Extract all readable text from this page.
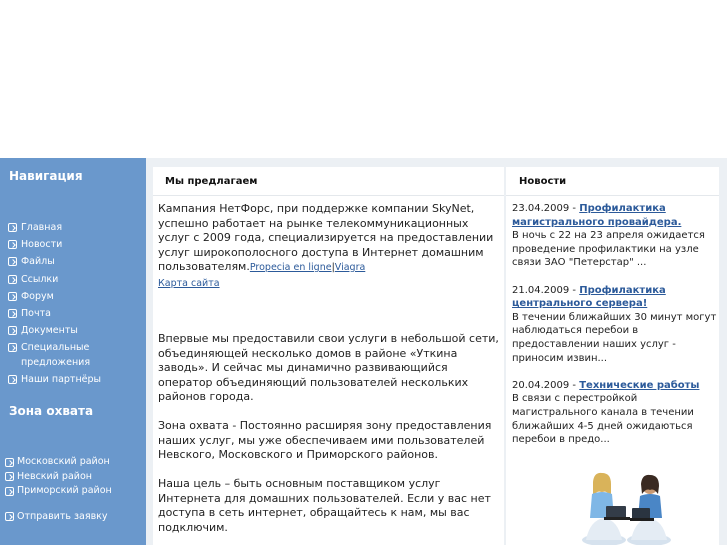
Навигация
Главная
Новости
Файлы
Ссылки
Форум
Почта
Документы
Специальные предложения
Наши партнёры
Зона охвата
Московский район
Невский район
Приморский район
Отправить заявку
Мы предлагаем
Кампания НетФорс, при поддержке компании SkyNet, успешно работает на рынке телекоммуникационных услуг с 2009 года, специализируется на предоставлении услуг широкополосного доступа в Интернет домашним пользователям.Propecia en ligne|Viagra
Карта сайта

Впервые мы предоставили свои услуги в небольшой сети, объединяющей несколько домов в районе «Уткина заводь». И сейчас мы динамично развивающийся оператор объединяющий пользователей нескольких районов города.

Зона охвата - Постоянно расширяя зону предоставления наших услуг, мы уже обеспечиваем ими пользователей Невского, Московского и Приморского районов.

Наша цель – быть основным поставщиком услуг Интернета для домашних пользователей. Если у вас нет доступа в сеть интернет, обращайтесь к нам, мы вас подключим.

Новости
23.04.2009 - Профилактика магистрального провайдера.
В ночь с 22 на 23 апреля ожидается проведение профилактики на узле связи ЗАО "Петерстар" ...
21.04.2009 - Профилактика центрального сервера!
В течении ближайших 30 минут могут наблюдаться перебои в предоставлении наших услуг - приносим извин...
20.04.2009 - Технические работы
В связи с перестройкой магистрального канала в течении ближайших 4-5 дней ожидаються перебои в предо...
